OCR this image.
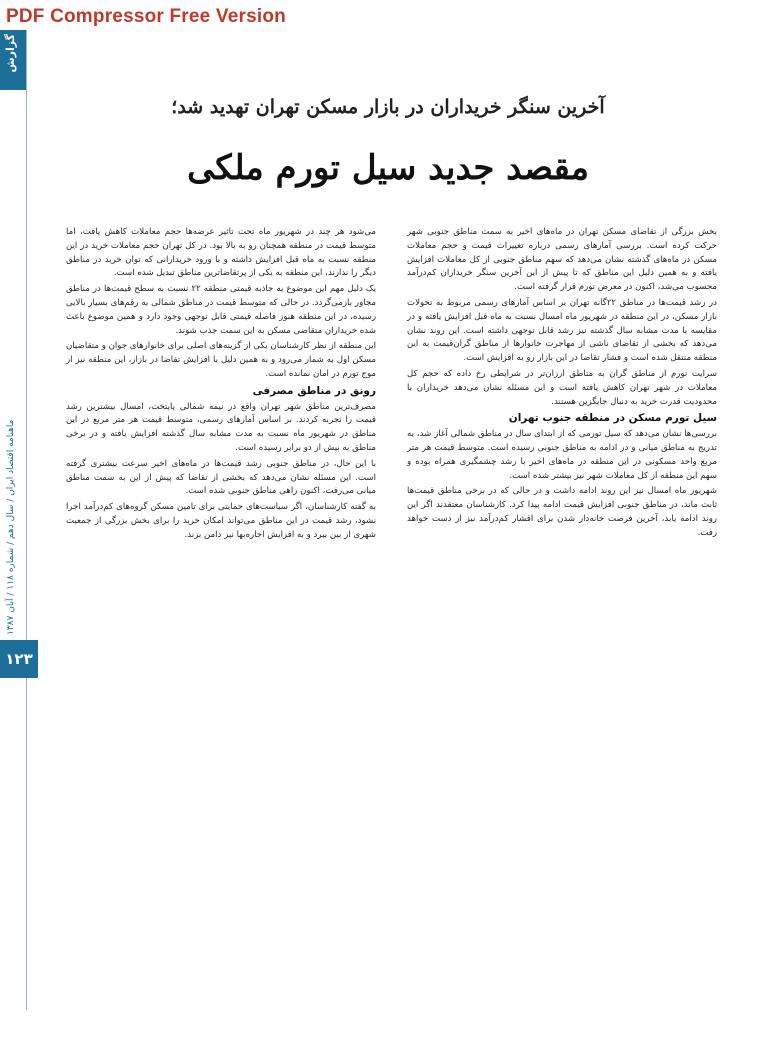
گزارش
ماهنامه اقتصاد ایران / سال دهم / شماره ۱۱۸ / آبان ۱۳۸۷
۱۲۳
PDF Compressor Free Version
آخرین سنگر خریداران در بازار مسکن تهران تهدید شد؛
مقصد جدید سیل تورم ملکی

بخش بزرگی از تقاضای مسکن تهران در ماه‌های اخیر به سمت مناطق جنوبی شهر حرکت کرده است. بررسی آمارهای رسمی درباره تغییرات قیمت و حجم معاملات مسکن در ماه‌های گذشته نشان می‌دهد که سهم مناطق جنوبی از کل معاملات افزایش یافته و به همین دلیل این مناطق که تا پیش از این آخرین سنگر خریداران کم‌درآمد محسوب می‌شد، اکنون در معرض تورم قرار گرفته است.

در رشد قیمت‌ها در مناطق ۲۲گانه تهران بر اساس آمارهای رسمی مربوط به تحولات بازار مسکن، در این منطقه در شهریور ماه امسال نسبت به ماه قبل افزایش یافته و در مقایسه با مدت مشابه سال گذشته نیز رشد قابل توجهی داشته است. این روند نشان می‌دهد که بخشی از تقاضای ناشی از مهاجرت خانوارها از مناطق گران‌قیمت به این منطقه منتقل شده است و فشار تقاضا در این بازار رو به افزایش است.

سرایت تورم از مناطق گران به مناطق ارزان‌تر در شرایطی رخ داده که حجم کل معاملات در شهر تهران کاهش یافته است و این مسئله نشان می‌دهد خریداران با محدودیت قدرت خرید به دنبال جایگزین هستند.

سیل تورم مسکن در منطقه جنوب تهران

بررسی‌ها نشان می‌دهد که سیل تورمی که از ابتدای سال در مناطق شمالی آغاز شد، به تدریج به مناطق میانی و در ادامه به مناطق جنوبی رسیده است. متوسط قیمت هر متر مربع واحد مسکونی در این منطقه در ماه‌های اخیر با رشد چشمگیری همراه بوده و سهم این منطقه از کل معاملات شهر نیز بیشتر شده است.

شهریور ماه امسال نیز این روند ادامه داشت و در حالی که در برخی مناطق قیمت‌ها ثابت ماند، در مناطق جنوبی افزایش قیمت ادامه پیدا کرد. کارشناسان معتقدند اگر این روند ادامه یابد، آخرین فرصت خانه‌دار شدن برای اقشار کم‌درآمد نیز از دست خواهد رفت.

می‌شود هر چند در شهریور ماه تحت تاثیر عرضه‌ها حجم معاملات کاهش یافت، اما متوسط قیمت در منطقه همچنان رو به بالا بود. در کل تهران حجم معاملات خرید در این منطقه نسبت به ماه قبل افزایش داشته و با ورود خریدارانی که توان خرید در مناطق دیگر را ندارند، این منطقه به یکی از پرتقاضاترین مناطق تبدیل شده است.

یک دلیل مهم این موضوع به جاذبه قیمتی منطقه ۲۲ نسبت به سطح قیمت‌ها در مناطق مجاور بازمی‌گردد. در حالی که متوسط قیمت در مناطق شمالی به رقم‌های بسیار بالایی رسیده، در این منطقه هنوز فاصله قیمتی قابل توجهی وجود دارد و همین موضوع باعث شده خریداران متقاضی مسکن به این سمت جذب شوند.

این منطقه از نظر کارشناسان یکی از گزینه‌های اصلی برای خانوارهای جوان و متقاضیان مسکن اول به شمار می‌رود و به همین دلیل با افزایش تقاضا در بازار، این منطقه نیز از موج تورم در امان نمانده است.

رونق در مناطق مصرفی

مصرف‌ترین مناطق شهر تهران واقع در نیمه شمالی پایتخت، امسال بیشترین رشد قیمت را تجربه کردند. بر اساس آمارهای رسمی، متوسط قیمت هر متر مربع در این مناطق در شهریور ماه نسبت به مدت مشابه سال گذشته افزایش یافته و در برخی مناطق به بیش از دو برابر رسیده است.

با این حال، در مناطق جنوبی رشد قیمت‌ها در ماه‌های اخیر سرعت بیشتری گرفته است. این مسئله نشان می‌دهد که بخشی از تقاضا که پیش از این به سمت مناطق میانی می‌رفت، اکنون راهی مناطق جنوبی شده است.

به گفته کارشناسان، اگر سیاست‌های حمایتی برای تامین مسکن گروه‌های کم‌درآمد اجرا نشود، رشد قیمت در این مناطق می‌تواند امکان خرید را برای بخش بزرگی از جمعیت شهری از بین ببرد و به افزایش اجاره‌بها نیز دامن بزند.
